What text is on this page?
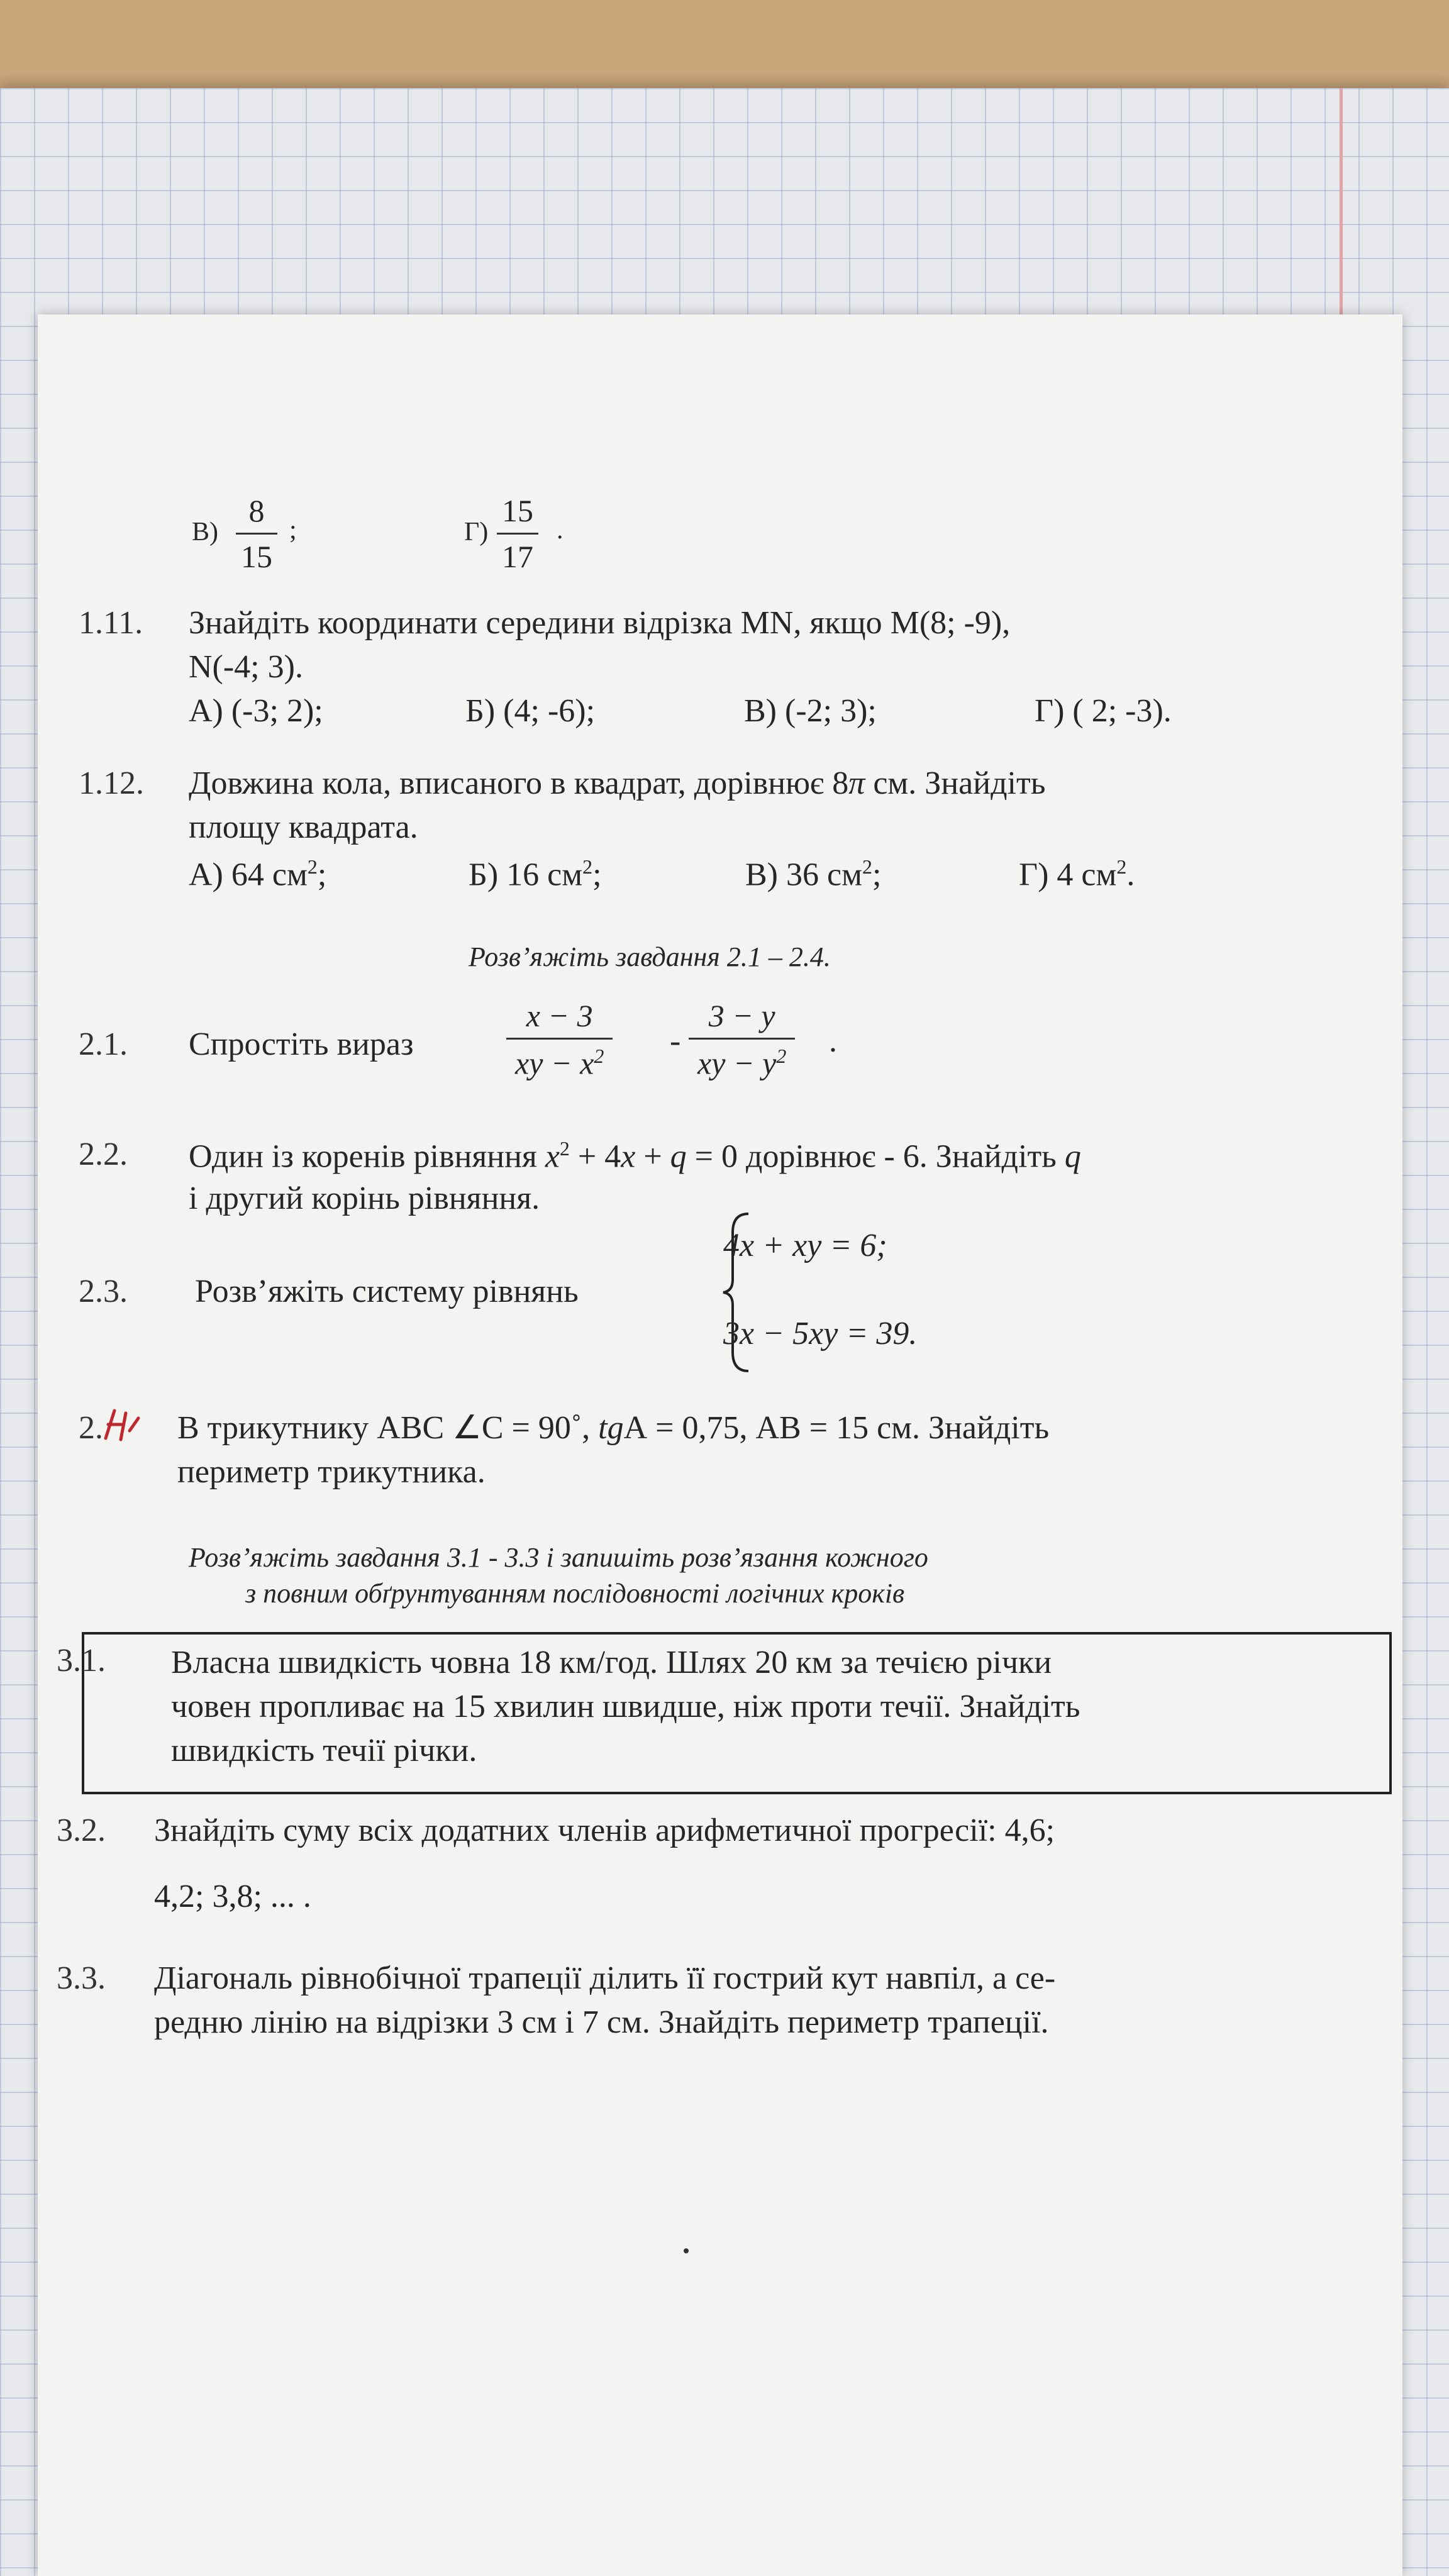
$В) \frac{8}{15}$ ;	$Г) \frac{15}{17}$ .
1.11. Знайдіть координати середини відрізка MN, якщо M(8; -9),
N(-4; 3).
А) (-3; 2);	Б) (4; -6);	В) (-2; 3);	Г) ( 2; -3).
1.12. Довжина кола, вписаного в квадрат, дорівнює 8π см. Знайдіть
площу квадрата.
А) 64 $см^2$;	Б) 16 $см^2$;	В) 36 $см^2$;	Г) 4 $см^2$.
Розв’яжіть завдання 2.1 – 2.4.
2.1. Спростіть вираз	$\frac{x - 3}{xy - x^2} - \frac{3 - y}{xy - y^2}$ .
2.2. Один із коренів рівняння $x^2 + 4x + q = 0$ дорівнює - 6. Знайдіть q
і другий корінь рівняння.
2.3. Розв’яжіть систему рівнянь
4x + xy = 6;
3x − 5xy = 39.
2. В трикутнику АВС ∠С = 90˚, tgА = 0,75, АВ = 15 см. Знайдіть
периметр трикутника.
Розв’яжіть завдання 3.1 - 3.3 і запишіть розв’язання кожного
з повним обґрунтуванням послідовності логічних кроків
3.1. Власна швидкість човна 18 км/год. Шлях 20 км за течією річки
човен пропливає на 15 хвилин швидше, ніж проти течії. Знайдіть
швидкість течії річки.
3.2. Знайдіть суму всіх додатних членів арифметичної прогресії: 4,6;
4,2; 3,8; ... .
3.3. Діагональ рівнобічної трапеції ділить її гострий кут навпіл, а се-
редню лінію на відрізки 3 см і 7 см. Знайдіть периметр трапеції.
